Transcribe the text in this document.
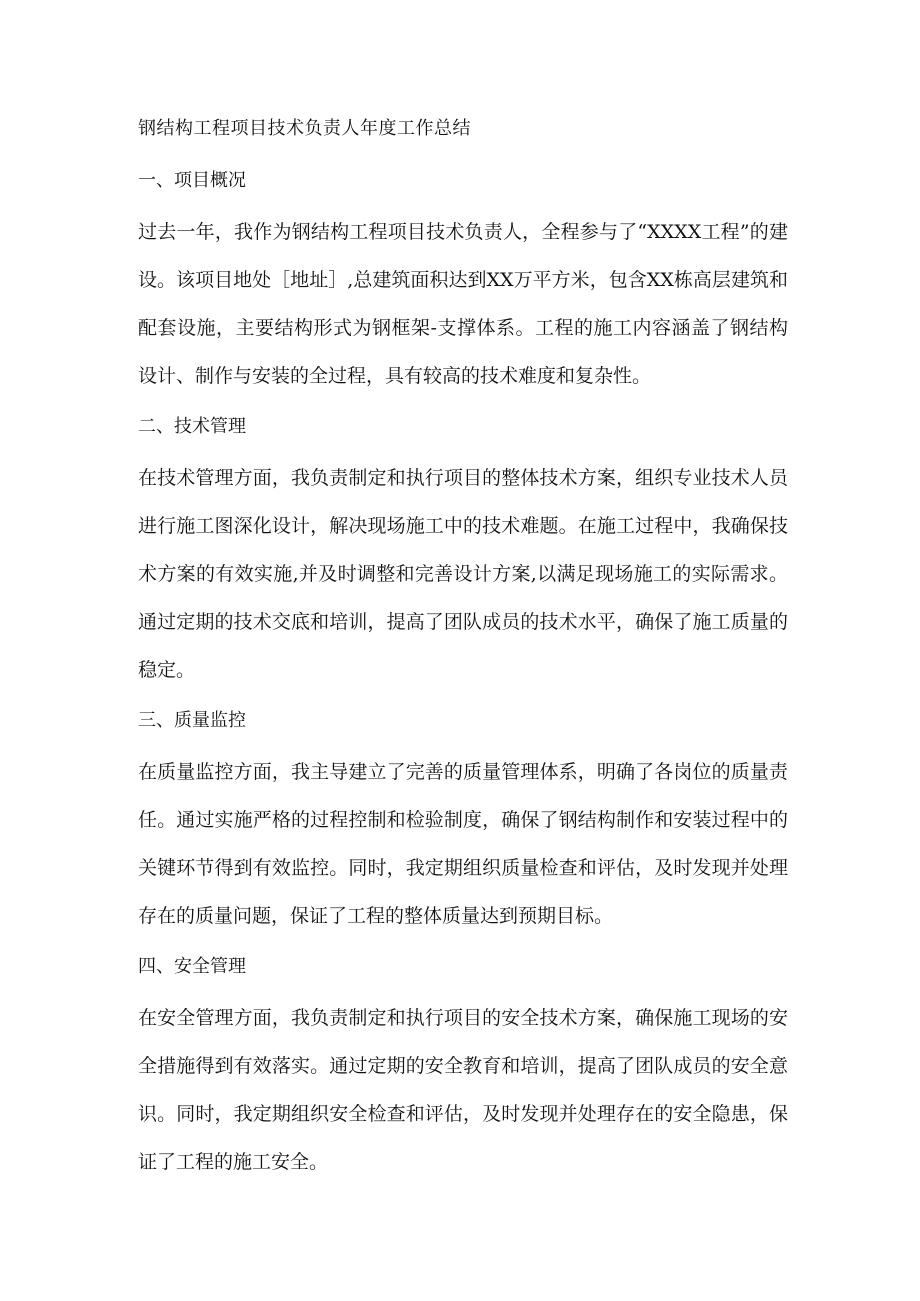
钢结构工程项目技术负责人年度工作总结
一、项目概况

过去一年，我作为钢结构工程项目技术负责人，全程参与了“XXXX工程”的建设。该项目地处［地址］,总建筑面积达到XX万平方米，包含XX栋高层建筑和配套设施，主要结构形式为钢框架-支撑体系。工程的施工内容涵盖了钢结构设计、制作与安装的全过程，具有较高的技术难度和复杂性。

二、技术管理

在技术管理方面，我负责制定和执行项目的整体技术方案，组织专业技术人员进行施工图深化设计，解决现场施工中的技术难题。在施工过程中，我确保技术方案的有效实施,并及时调整和完善设计方案,以满足现场施工的实际需求。通过定期的技术交底和培训，提高了团队成员的技术水平，确保了施工质量的稳定。

三、质量监控

在质量监控方面，我主导建立了完善的质量管理体系，明确了各岗位的质量责任。通过实施严格的过程控制和检验制度，确保了钢结构制作和安装过程中的关键环节得到有效监控。同时，我定期组织质量检查和评估，及时发现并处理存在的质量问题，保证了工程的整体质量达到预期目标。

四、安全管理

在安全管理方面，我负责制定和执行项目的安全技术方案，确保施工现场的安全措施得到有效落实。通过定期的安全教育和培训，提高了团队成员的安全意识。同时，我定期组织安全检查和评估，及时发现并处理存在的安全隐患，保证了工程的施工安全。
